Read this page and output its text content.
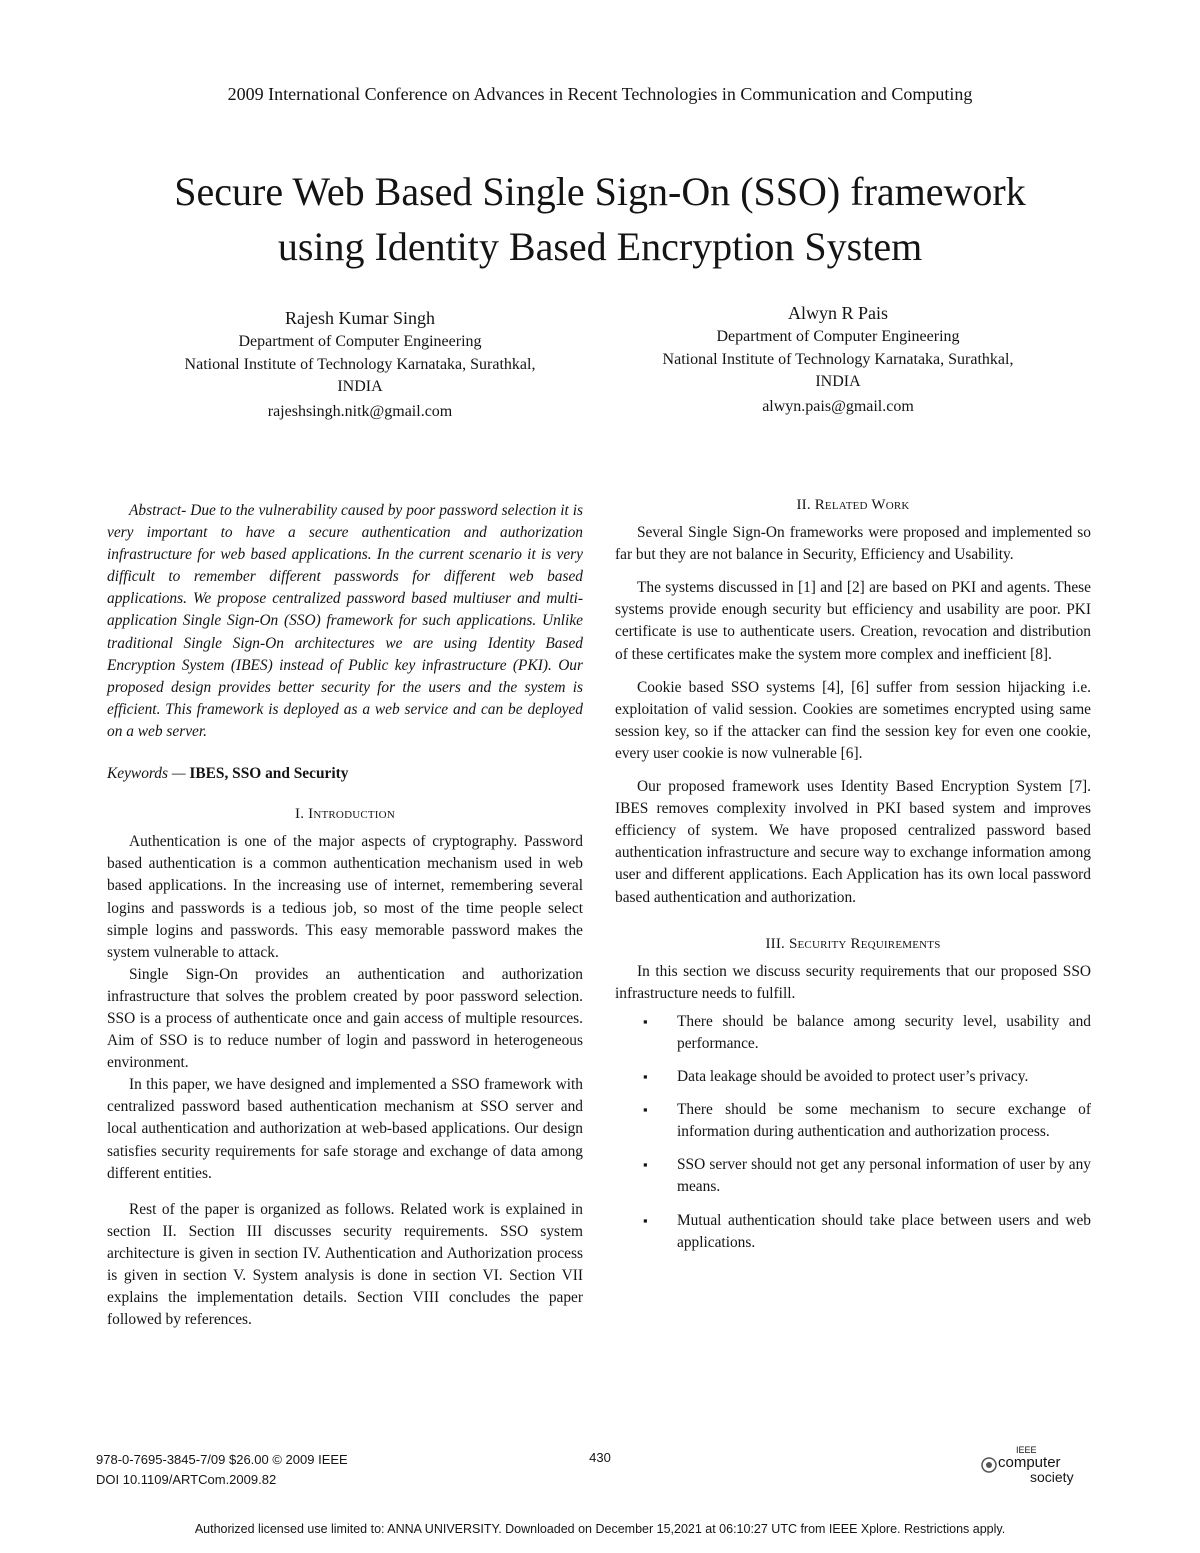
2009 International Conference on Advances in Recent Technologies in Communication and Computing
Secure Web Based Single Sign-On (SSO) framework
using Identity Based Encryption System
Rajesh Kumar Singh
Department of Computer Engineering
National Institute of Technology Karnataka, Surathkal,
INDIA
rajeshsingh.nitk@gmail.com
Alwyn R Pais
Department of Computer Engineering
National Institute of Technology Karnataka, Surathkal,
INDIA
alwyn.pais@gmail.com

Abstract- Due to the vulnerability caused by poor password selection it is very important to have a secure authentication and authorization infrastructure for web based applications. In the current scenario it is very difficult to remember different passwords for different web based applications. We propose centralized password based multiuser and multi-application Single Sign-On (SSO) framework for such applications. Unlike traditional Single Sign-On architectures we are using Identity Based Encryption System (IBES) instead of Public key infrastructure (PKI). Our proposed design provides better security for the users and the system is efficient. This framework is deployed as a web service and can be deployed on a web server.

Keywords — IBES, SSO and Security

I. Introduction

Authentication is one of the major aspects of cryptography. Password based authentication is a common authentication mechanism used in web based applications. In the increasing use of internet, remembering several logins and passwords is a tedious job, so most of the time people select simple logins and passwords. This easy memorable password makes the system vulnerable to attack.

Single Sign-On provides an authentication and authorization infrastructure that solves the problem created by poor password selection. SSO is a process of authenticate once and gain access of multiple resources. Aim of SSO is to reduce number of login and password in heterogeneous environment.

In this paper, we have designed and implemented a SSO framework with centralized password based authentication mechanism at SSO server and local authentication and authorization at web-based applications. Our design satisfies security requirements for safe storage and exchange of data among different entities.

Rest of the paper is organized as follows. Related work is explained in section II. Section III discusses security requirements. SSO system architecture is given in section IV. Authentication and Authorization process is given in section V. System analysis is done in section VI. Section VII explains the implementation details. Section VIII concludes the paper followed by references.

II. Related Work

Several Single Sign-On frameworks were proposed and implemented so far but they are not balance in Security, Efficiency and Usability.

The systems discussed in [1] and [2] are based on PKI and agents. These systems provide enough security but efficiency and usability are poor. PKI certificate is use to authenticate users. Creation, revocation and distribution of these certificates make the system more complex and inefficient [8].

Cookie based SSO systems [4], [6] suffer from session hijacking i.e. exploitation of valid session. Cookies are sometimes encrypted using same session key, so if the attacker can find the session key for even one cookie, every user cookie is now vulnerable [6].

Our proposed framework uses Identity Based Encryption System [7]. IBES removes complexity involved in PKI based system and improves efficiency of system. We have proposed centralized password based authentication infrastructure and secure way to exchange information among user and different applications. Each Application has its own local password based authentication and authorization.

III. Security Requirements

In this section we discuss security requirements that our proposed SSO infrastructure needs to fulfill.

▪ There should be balance among security level, usability and performance.
▪ Data leakage should be avoided to protect user’s privacy.
▪ There should be some mechanism to secure exchange of information during authentication and authorization process.
▪ SSO server should not get any personal information of user by any means.
▪ Mutual authentication should take place between users and web applications.
978-0-7695-3845-7/09 $26.00 © 2009 IEEE
DOI 10.1109/ARTCom.2009.82
430	IEEE
computer
society
Authorized licensed use limited to: ANNA UNIVERSITY. Downloaded on December 15,2021 at 06:10:27 UTC from IEEE Xplore. Restrictions apply.
